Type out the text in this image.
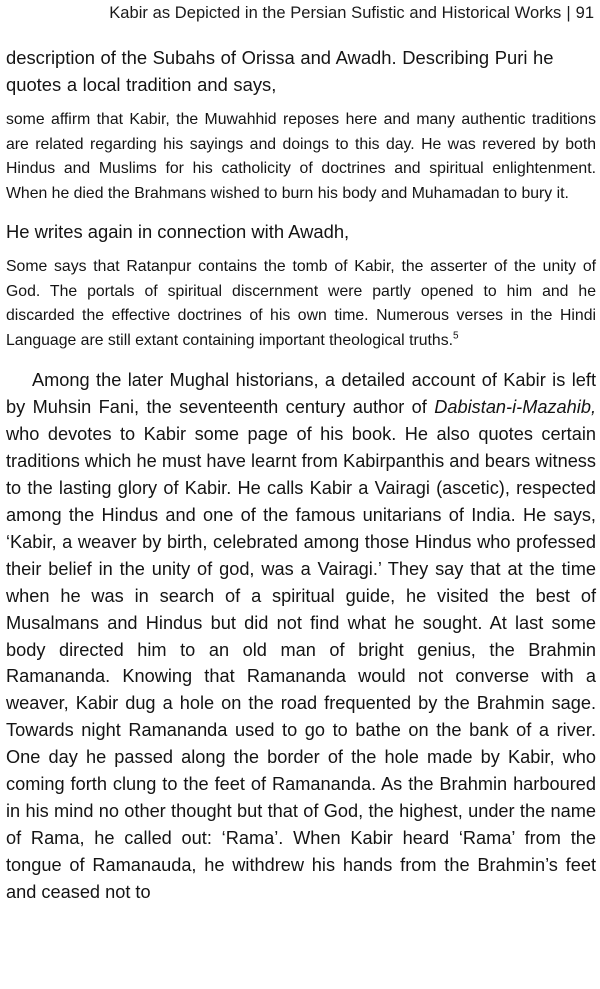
Kabir as Depicted in the Persian Sufistic and Historical Works | 91

description of the Subahs of Orissa and Awadh. Describing Puri he quotes a local tradition and says,

some affirm that Kabir, the Muwahhid reposes here and many authentic traditions are related regarding his sayings and doings to this day. He was revered by both Hindus and Muslims for his catholicity of doctrines and spiritual enlightenment. When he died the Brahmans wished to burn his body and Muhamadan to bury it.

He writes again in connection with Awadh,

Some says that Ratanpur contains the tomb of Kabir, the asserter of the unity of God. The portals of spiritual discernment were partly opened to him and he discarded the effective doctrines of his own time. Numerous verses in the Hindi Language are still extant containing important theological truths.$^5$

Among the later Mughal historians, a detailed account of Kabir is left by Muhsin Fani, the seventeenth century author of Dabistan-i-Mazahib, who devotes to Kabir some page of his book. He also quotes certain traditions which he must have learnt from Kabirpanthis and bears witness to the lasting glory of Kabir. He calls Kabir a Vairagi (ascetic), respected among the Hindus and one of the famous unitarians of India. He says, ‘Kabir, a weaver by birth, celebrated among those Hindus who professed their belief in the unity of god, was a Vairagi.’ They say that at the time when he was in search of a spiritual guide, he visited the best of Musalmans and Hindus but did not find what he sought. At last some body directed him to an old man of bright genius, the Brahmin Ramananda. Knowing that Ramananda would not converse with a weaver, Kabir dug a hole on the road frequented by the Brahmin sage. Towards night Ramananda used to go to bathe on the bank of a river. One day he passed along the border of the hole made by Kabir, who coming forth clung to the feet of Ramananda. As the Brahmin harboured in his mind no other thought but that of God, the highest, under the name of Rama, he called out: ‘Rama’. When Kabir heard ‘Rama’ from the tongue of Ramanauda, he withdrew his hands from the Brahmin’s feet and ceased not to
